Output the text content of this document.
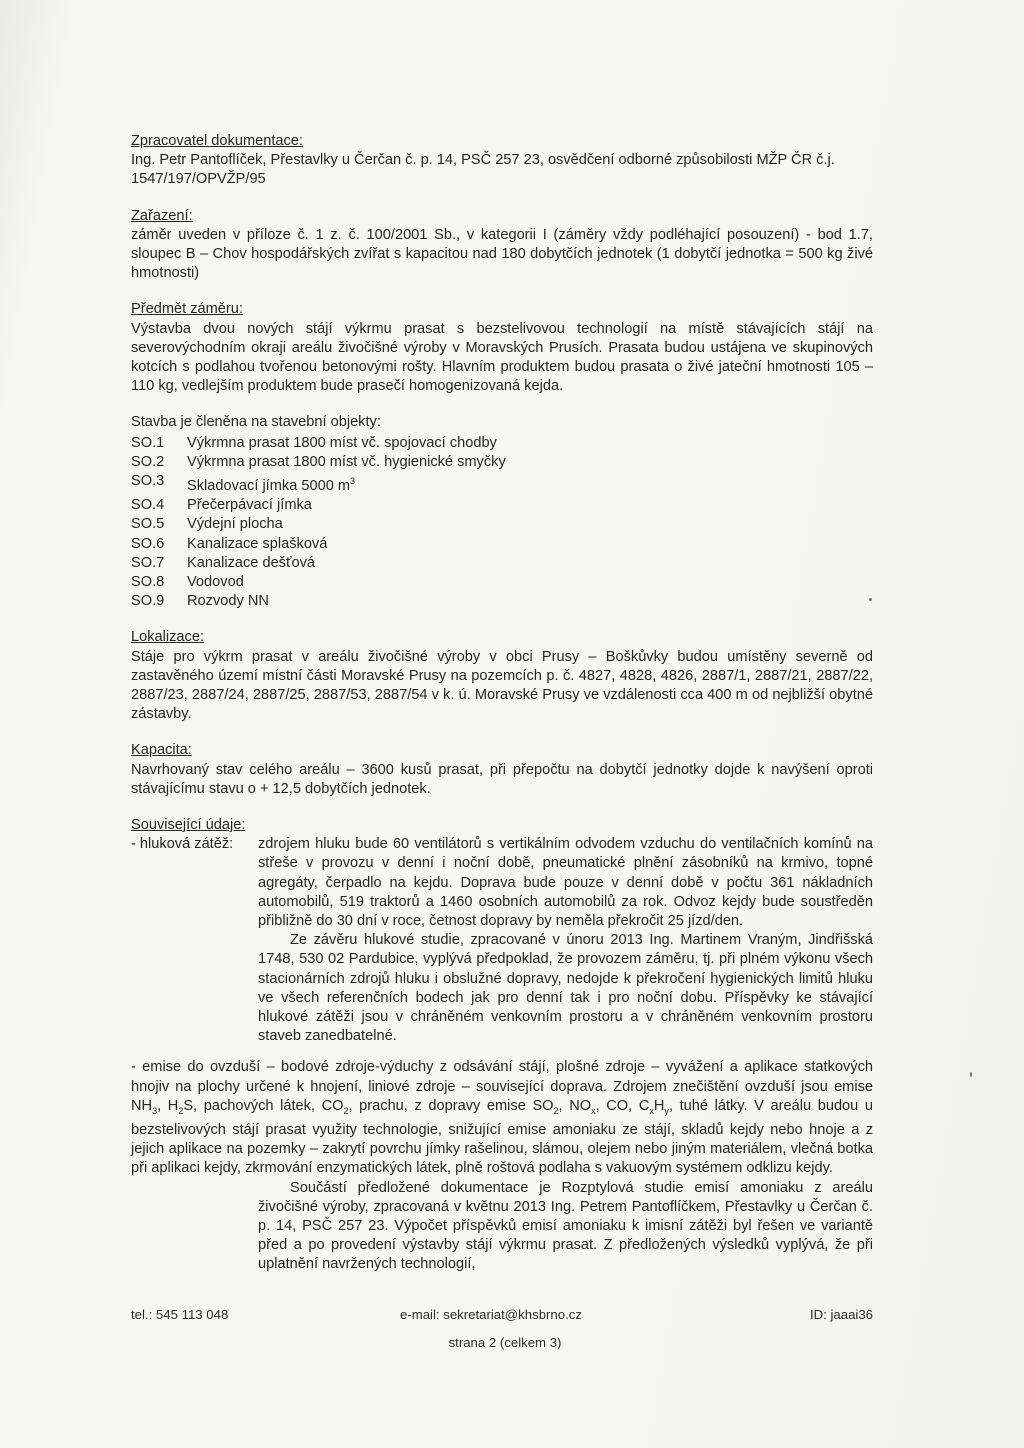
Zpracovatel dokumentace:

Ing. Petr Pantoflíček, Přestavlky u Čerčan č. p. 14, PSČ 257 23, osvědčení odborné způsobilosti MŽP ČR č.j. 1547/197/OPVŽP/95

Zařazení:

záměr uveden v příloze č. 1 z. č. 100/2001 Sb., v kategorii I (záměry vždy podléhající posouzení) - bod 1.7, sloupec B – Chov hospodářských zvířat s kapacitou nad 180 dobytčích jednotek (1 dobytčí jednotka = 500 kg živé hmotnosti)

Předmět záměru:

Výstavba dvou nových stájí výkrmu prasat s bezstelivovou technologií na místě stávajících stájí na severovýchodním okraji areálu živočišné výroby v Moravských Prusích. Prasata budou ustájena ve skupinových kotcích s podlahou tvořenou betonovými rošty. Hlavním produktem budou prasata o živé jateční hmotnosti 105 – 110 kg, vedlejším produktem bude prasečí homogenizovaná kejda.

Stavba je členěna na stavební objekty:

SO.1	Výkrmna prasat 1800 míst vč. spojovací chodby
SO.2	Výkrmna prasat 1800 míst vč. hygienické smyčky
SO.3	Skladovací jímka 5000 $m^3$
SO.4	Přečerpávací jímka
SO.5	Výdejní plocha
SO.6	Kanalizace splašková
SO.7	Kanalizace dešťová
SO.8	Vodovod
SO.9	Rozvody NN

Lokalizace:

Stáje pro výkrm prasat v areálu živočišné výroby v obci Prusy – Boškůvky budou umístěny severně od zastavěného území místní části Moravské Prusy na pozemcích p. č. 4827, 4828, 4826, 2887/1, 2887/21, 2887/22, 2887/23, 2887/24, 2887/25, 2887/53, 2887/54 v k. ú. Moravské Prusy ve vzdálenosti cca 400 m od nejbližší obytné zástavby.

Kapacita:

Navrhovaný stav celého areálu – 3600 kusů prasat, při přepočtu na dobytčí jednotky dojde k navýšení oproti stávajícímu stavu o + 12,5 dobytčích jednotek.

Související údaje:

- hluková zátěž:	zdrojem hluku bude 60 ventilátorů s vertikálním odvodem vzduchu do ventilačních komínů na střeše v provozu v denní i noční době, pneumatické plnění zásobníků na krmivo, topné agregáty, čerpadlo na kejdu. Doprava bude pouze v denní době v počtu 361 nákladních automobilů, 519 traktorů a 1460 osobních automobilů za rok. Odvoz kejdy bude soustředěn přibližně do 30 dní v roce, četnost dopravy by neměla překročit 25 jízd/den.

Ze závěru hlukové studie, zpracované v únoru 2013 Ing. Martinem Vraným, Jindřišská 1748, 530 02 Pardubice, vyplývá předpoklad, že provozem záměru, tj. při plném výkonu všech stacionárních zdrojů hluku i obslužné dopravy, nedojde k překročení hygienických limitů hluku ve všech referenčních bodech jak pro denní tak i pro noční dobu. Příspěvky ke stávající hlukové zátěži jsou v chráněném venkovním prostoru a v chráněném venkovním prostoru staveb zanedbatelné.

- emise do ovzduší – bodové zdroje-výduchy z odsávání stájí, plošné zdroje – vyvážení a aplikace statkových hnojiv na plochy určené k hnojení, liniové zdroje – související doprava. Zdrojem znečištění ovzduší jsou emise $NH_3$, $H_2S$, pachových látek, $CO_2$, prachu, z dopravy emise $SO_2$, $NO_x$, CO, $C_xH_y$, tuhé látky. V areálu budou u bezstelivových stájí prasat využity technologie, snižující emise amoniaku ze stájí, skladů kejdy nebo hnoje a z jejich aplikace na pozemky – zakrytí povrchu jímky rašelinou, slámou, olejem nebo jiným materiálem, vlečná botka při aplikaci kejdy, zkrmování enzymatických látek, plně roštová podlaha s vakuovým systémem odklizu kejdy.

Součástí předložené dokumentace je Rozptylová studie emisí amoniaku z areálu živočišné výroby, zpracovaná v květnu 2013 Ing. Petrem Pantoflíčkem, Přestavlky u Čerčan č. p. 14, PSČ 257 23. Výpočet příspěvků emisí amoniaku k imisní zátěži byl řešen ve variantě před a po provedení výstavby stájí výkrmu prasat. Z předložených výsledků vyplývá, že při uplatnění navržených technologií,

tel.: 545 113 048	ID: jaaai36
e-mail: sekretariat@khsbrno.cz
strana 2 (celkem 3)
